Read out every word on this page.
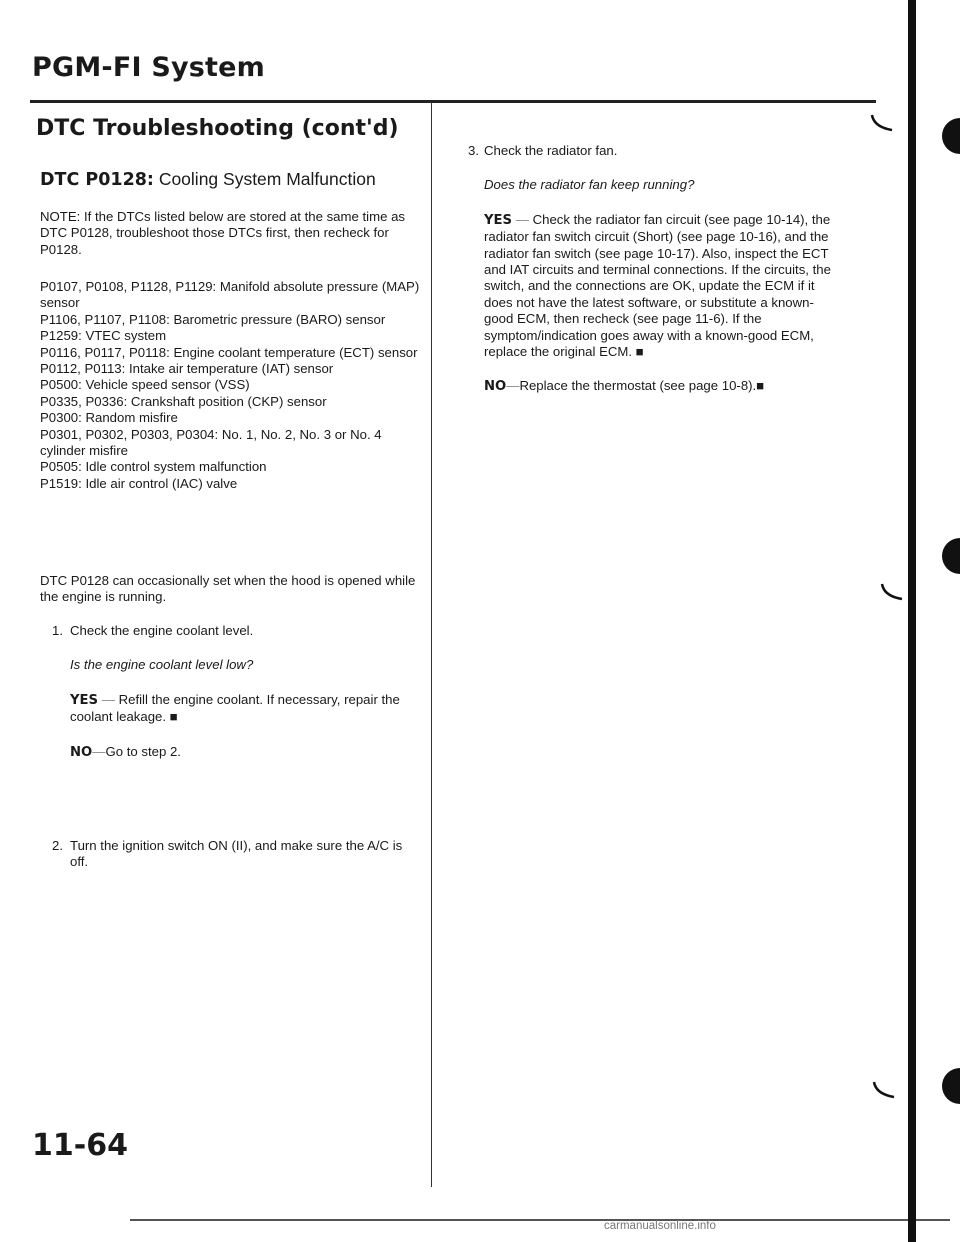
PGM-FI System
DTC Troubleshooting (cont'd)

DTC P0128: Cooling System Malfunction

NOTE: If the DTCs listed below are stored at the same time as DTC P0128, troubleshoot those DTCs first, then recheck for P0128.

P0107, P0108, P1128, P1129: Manifold absolute pressure (MAP) sensor
P1106, P1107, P1108: Barometric pressure (BARO) sensor
P1259: VTEC system
P0116, P0117, P0118: Engine coolant temperature (ECT) sensor
P0112, P0113: Intake air temperature (IAT) sensor
P0500: Vehicle speed sensor (VSS)
P0335, P0336: Crankshaft position (CKP) sensor
P0300: Random misfire
P0301, P0302, P0303, P0304: No. 1, No. 2, No. 3 or No. 4 cylinder misfire
P0505: Idle control system malfunction
P1519: Idle air control (IAC) valve

DTC P0128 can occasionally set when the hood is opened while the engine is running.

1. Check the engine coolant level.

Is the engine coolant level low?

YES — Refill the engine coolant. If necessary, repair the coolant leakage. ■

NO—Go to step 2.

2. Turn the ignition switch ON (II), and make sure the A/C is off.

3. Check the radiator fan.

Does the radiator fan keep running?

YES — Check the radiator fan circuit (see page 10-14), the radiator fan switch circuit (Short) (see page 10-16), and the radiator fan switch (see page 10-17). Also, inspect the ECT and IAT circuits and terminal connections. If the circuits, the switch, and the connections are OK, update the ECM if it does not have the latest software, or substitute a known-good ECM, then recheck (see page 11-6). If the symptom/indication goes away with a known-good ECM, replace the original ECM. ■

NO—Replace the thermostat (see page 10-8).■

11-64

carmanualsonline.info
